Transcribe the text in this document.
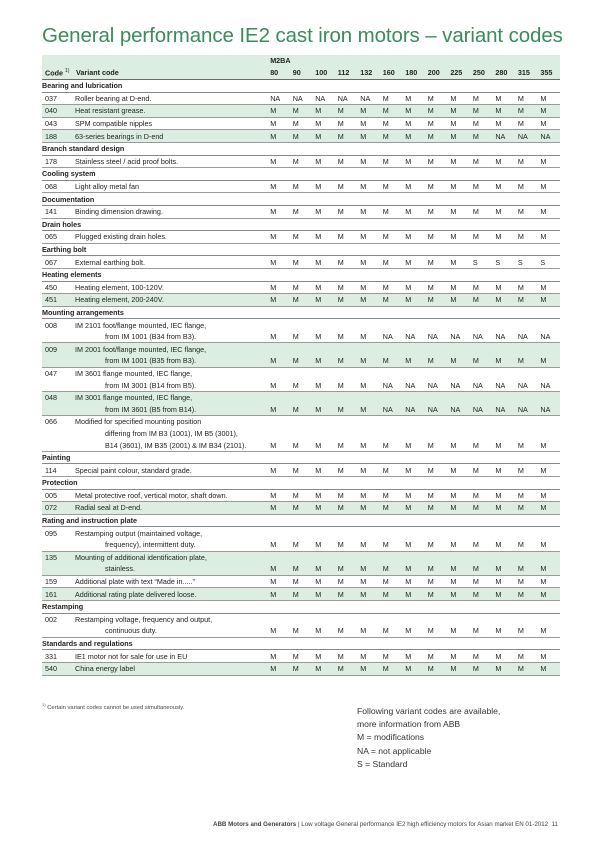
General performance IE2 cast iron motors – variant codes
		M2BA												
Code $^{1)}$	Variant code	80	90	100	112	132	160	180	200	225	250	280	315	355
Bearing and lubrication														
037	Roller bearing at D-end.	NA	NA	NA	NA	NA	M	M	M	M	M	M	M	M
040	Heat resistant grease.	M	M	M	M	M	M	M	M	M	M	M	M	M
043	SPM compatible nipples	M	M	M	M	M	M	M	M	M	M	M	M	M
188	63-series bearings in D-end	M	M	M	M	M	M	M	M	M	M	NA	NA	NA
Branch standard design														
178	Stainless steel / acid proof bolts.	M	M	M	M	M	M	M	M	M	M	M	M	M
Cooling system														
068	Light alloy metal fan	M	M	M	M	M	M	M	M	M	M	M	M	M
Documentation														
141	Binding dimension drawing.	M	M	M	M	M	M	M	M	M	M	M	M	M
Drain holes														
065	Plugged existing drain holes.	M	M	M	M	M	M	M	M	M	M	M	M	M
Earthing bolt														
067	External earthing bolt.	M	M	M	M	M	M	M	M	M	S	S	S	S
Heating elements														
450	Heating element, 100-120V.	M	M	M	M	M	M	M	M	M	M	M	M	M
451	Heating element, 200-240V.	M	M	M	M	M	M	M	M	M	M	M	M	M
Mounting arrangements														
008	IM 2101 foot/flange mounted, IEC flange,													
	from IM 1001 (B34 from B3).	M	M	M	M	M	NA	NA	NA	NA	NA	NA	NA	NA
009	IM 2001 foot/flange mounted, IEC flange,													
	from IM 1001 (B35 from B3).	M	M	M	M	M	M	M	M	M	M	M	M	M
047	IM 3601 flange mounted, IEC flange,													
	from IM 3001 (B14 from B5).	M	M	M	M	M	NA	NA	NA	NA	NA	NA	NA	NA
048	IM 3001 flange mounted, IEC flange,													
	from IM 3601 (B5 from B14).	M	M	M	M	M	NA	NA	NA	NA	NA	NA	NA	NA
066	Modified for specified mounting position													
	differing from IM B3 (1001), IM B5 (3001),													
	B14 (3601), IM B35 (2001) & IM B34 (2101).	M	M	M	M	M	M	M	M	M	M	M	M	M
Painting														
114	Special paint colour, standard grade.	M	M	M	M	M	M	M	M	M	M	M	M	M
Protection														
005	Metal protective roof, vertical motor, shaft down.	M	M	M	M	M	M	M	M	M	M	M	M	M
072	Radial seal at D-end.	M	M	M	M	M	M	M	M	M	M	M	M	M
Rating and instruction plate														
095	Restamping output (maintained voltage,													
	frequency), intermittent duty.	M	M	M	M	M	M	M	M	M	M	M	M	M
135	Mounting of additional identification plate,													
	stainless.	M	M	M	M	M	M	M	M	M	M	M	M	M
159	Additional plate with text “Made in.....”	M	M	M	M	M	M	M	M	M	M	M	M	M
161	Additional rating plate delivered loose.	M	M	M	M	M	M	M	M	M	M	M	M	M
Restamping														
002	Restamping voltage, frequency and output,													
	continuous duty.	M	M	M	M	M	M	M	M	M	M	M	M	M
Standards and regulations														
331	IE1 motor not for sale for use in EU	M	M	M	M	M	M	M	M	M	M	M	M	M
540	China energy label	M	M	M	M	M	M	M	M	M	M	M	M	M
$^{1)}$ Certain variant codes cannot be used simultaneously.	Following variant codes are available,
more information from ABB
M = modifications
NA = not applicable
S = Standard
ABB Motors and Generators | Low voltage General performance IE2 high efficiency motors for Asian market EN 01-2012 11
